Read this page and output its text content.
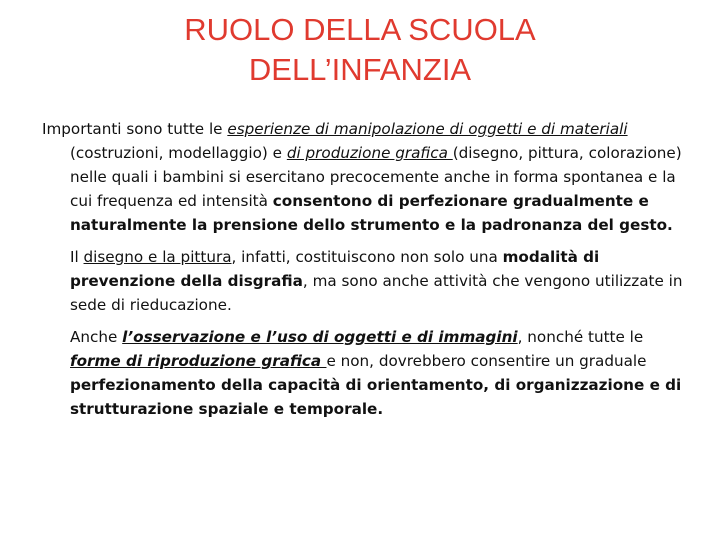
RUOLO DELLA SCUOLA
DELL’INFANZIA

Importanti sono tutte le esperienze di manipolazione di oggetti e di materiali (costruzioni, modellaggio) e di produzione grafica (disegno, pittura, colorazione) nelle quali i bambini si esercitano precocemente anche in forma spontanea e la cui frequenza ed intensità consentono di perfezionare gradualmente e naturalmente la prensione dello strumento e la padronanza del gesto.

Il disegno e la pittura, infatti, costituiscono non solo una modalità di prevenzione della disgrafia, ma sono anche attività che vengono utilizzate in sede di rieducazione.

Anche l’osservazione e l’uso di oggetti e di immagini, nonché tutte le forme di riproduzione grafica e non, dovrebbero consentire un graduale perfezionamento della capacità di orientamento, di organizzazione e di strutturazione spaziale e temporale.
